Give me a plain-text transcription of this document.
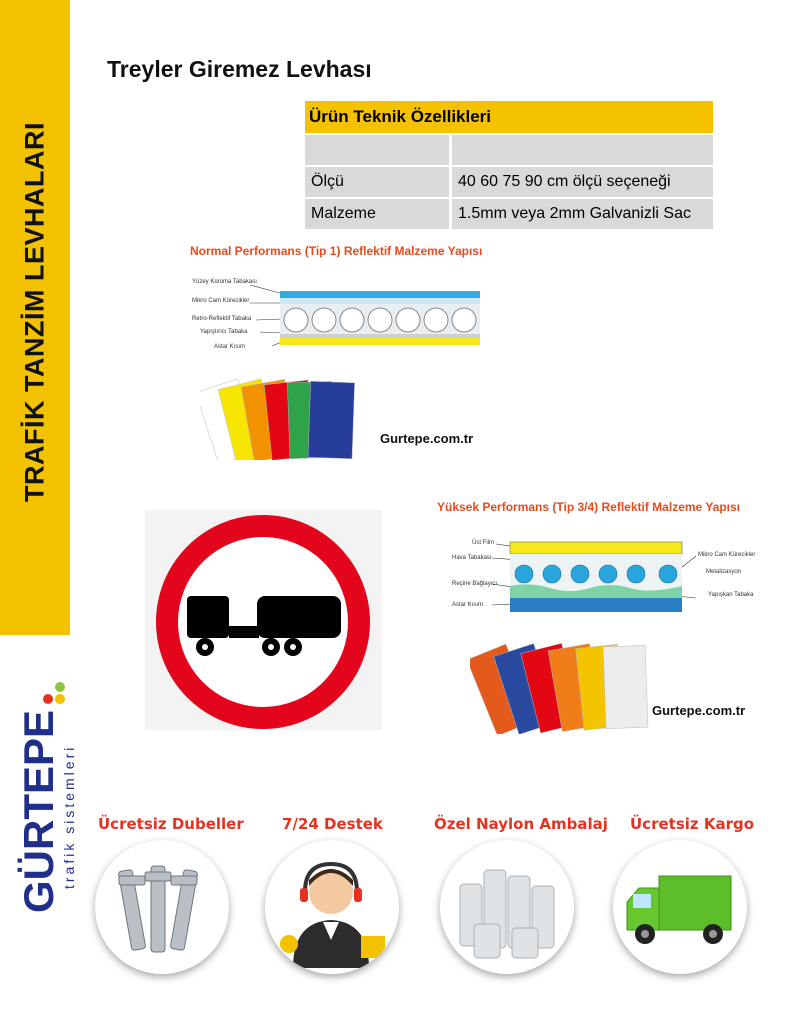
TRAFİK TANZİM LEVHALARI
GÜRTEPE trafik sistemleri
Treyler Giremez Levhası
Ürün Teknik Özellikleri	

Ölçü	40 60 75 90 cm ölçü seçeneği
Malzeme	1.5mm veya 2mm Galvanizli Sac
Normal Performans (Tip 1) Reflektif Malzeme Yapısı
Yüzey Koruma Tabakası
Mikro Cam Kürecikler
Retro-Reflektif Tabaka
Yapıştırıcı Tabaka
Astar Kısım
Gurtepe.com.tr
Yüksek Performans (Tip 3/4) Reflektif Malzeme Yapısı
Üst Film
Hava Tabakası
Reçine Bağlayıcı
Astar Kısım
Mikro Cam Kürecikler
Metalizasyon
Yapışkan Tabaka
Gurtepe.com.tr
Ücretsiz Dubeller	7/24 Destek	Özel Naylon Ambalaj Ücretsiz Kargo
